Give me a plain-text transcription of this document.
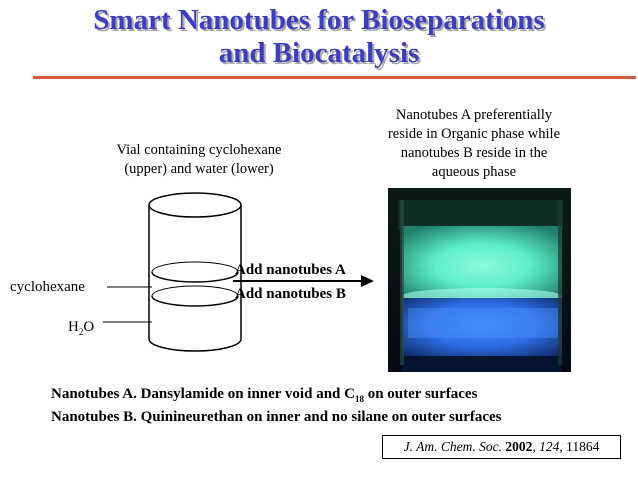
Smart Nanotubes for Bioseparations
and Biocatalysis
Vial containing cyclohexane
(upper) and water (lower)
Nanotubes A preferentially
reside in Organic phase while
nanotubes B reside in the
aqueous phase
cyclohexane
$H_2O$
Add nanotubes A
Add nanotubes B
Nanotubes A. Dansylamide on inner void and $C_{18}$ on outer surfaces
Nanotubes B. Quinineurethan on inner and no silane on outer surfaces
J. Am. Chem. Soc. 2002, 124, 11864
